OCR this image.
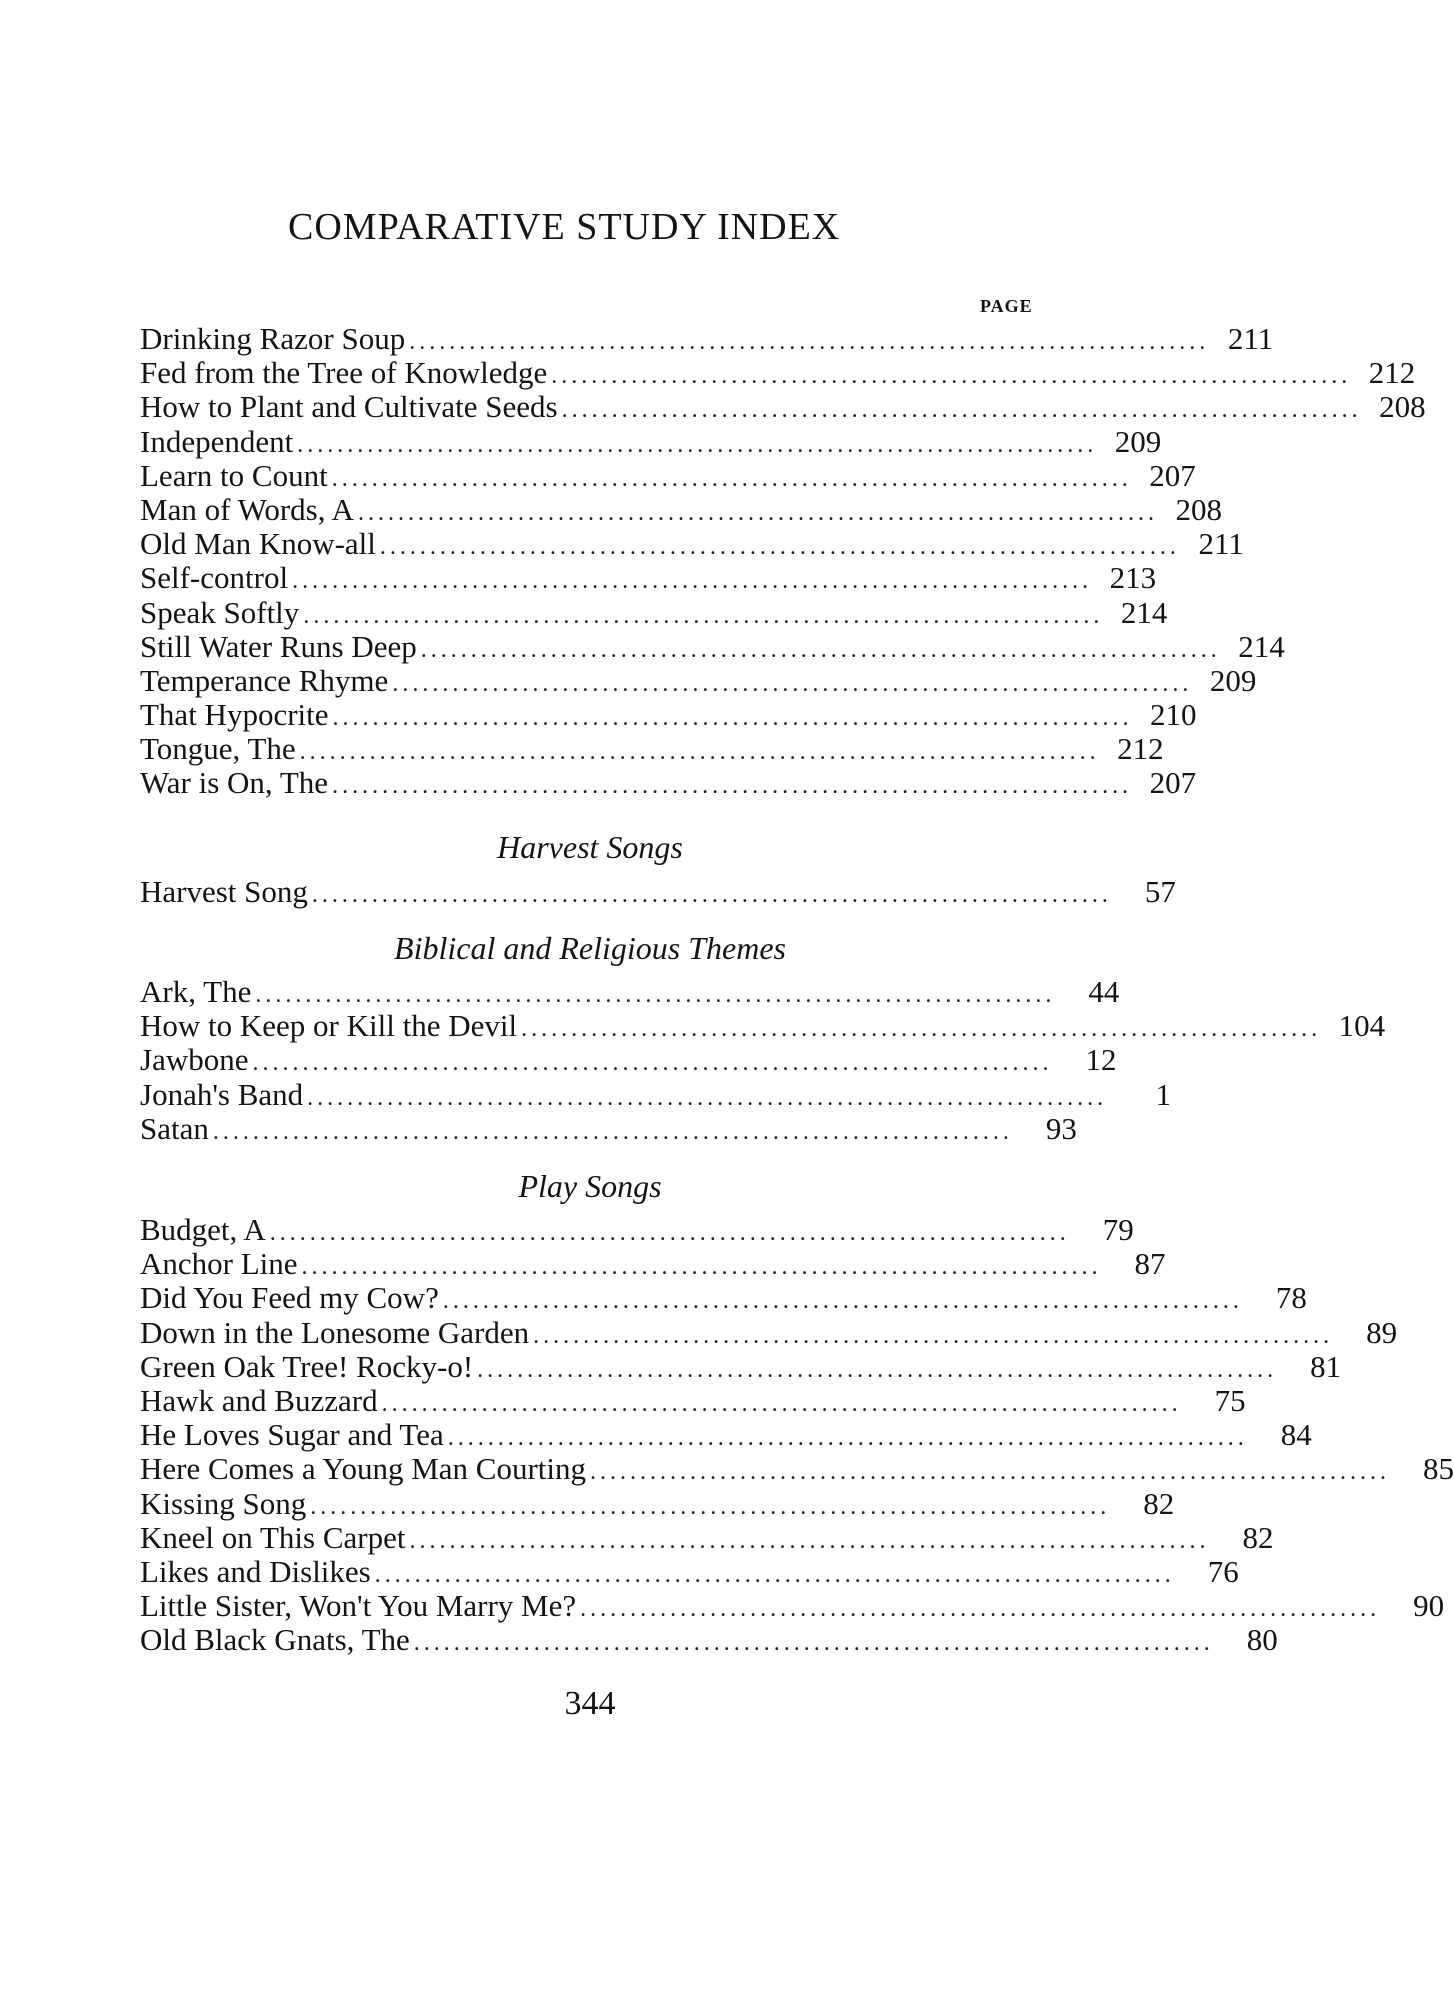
COMPARATIVE STUDY INDEX
PAGE
Drinking Razor Soup ................................................................................ 211
Fed from the Tree of Knowledge ................................................................................ 212
How to Plant and Cultivate Seeds ................................................................................ 208
Independent ................................................................................ 209
Learn to Count ................................................................................ 207
Man of Words, A ................................................................................ 208
Old Man Know-all ................................................................................ 211
Self-control ................................................................................ 213
Speak Softly ................................................................................ 214
Still Water Runs Deep ................................................................................ 214
Temperance Rhyme ................................................................................ 209
That Hypocrite ................................................................................ 210
Tongue, The ................................................................................ 212
War is On, The ................................................................................ 207
Harvest Songs
Harvest Song ................................................................................	57
Biblical and Religious Themes
Ark, The ................................................................................	44
How to Keep or Kill the Devil ................................................................................ 104
Jawbone ................................................................................	12
Jonah's Band ................................................................................	1
Satan ................................................................................	93
Play Songs
Budget, A ................................................................................	79
Anchor Line ................................................................................	87
Did You Feed my Cow? ................................................................................	78
Down in the Lonesome Garden ................................................................................	89
Green Oak Tree! Rocky-o! ................................................................................	81
Hawk and Buzzard ................................................................................	75
He Loves Sugar and Tea ................................................................................	84
Here Comes a Young Man Courting ................................................................................	85
Kissing Song ................................................................................	82
Kneel on This Carpet ................................................................................	82
Likes and Dislikes ................................................................................	76
Little Sister, Won't You Marry Me? ................................................................................	90
Old Black Gnats, The ................................................................................	80
344
